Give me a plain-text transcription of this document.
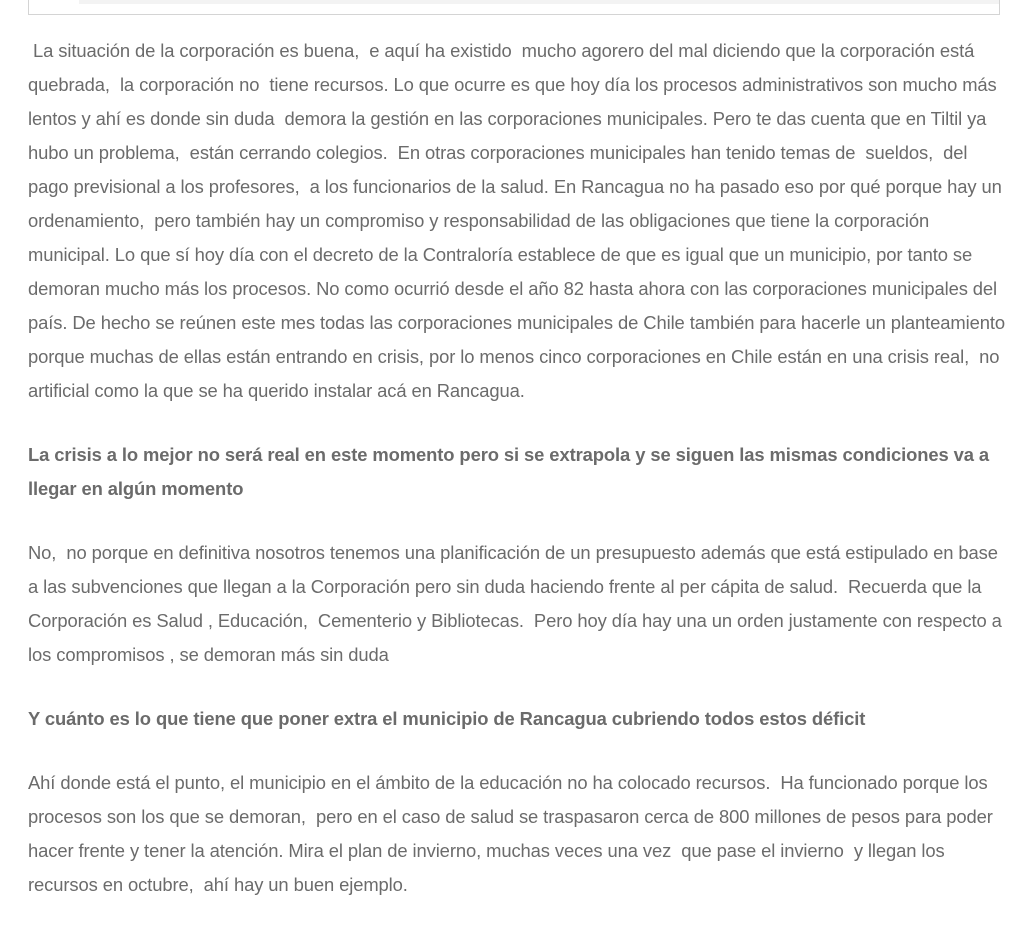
La situación de la corporación es buena,  e aquí ha existido  mucho agorero del mal diciendo que la corporación está quebrada,  la corporación no  tiene recursos. Lo que ocurre es que hoy día los procesos administrativos son mucho más lentos y ahí es donde sin duda  demora la gestión en las corporaciones municipales. Pero te das cuenta que en Tiltil ya hubo un problema,  están cerrando colegios.  En otras corporaciones municipales han tenido temas de  sueldos,  del pago previsional a los profesores,  a los funcionarios de la salud. En Rancagua no ha pasado eso por qué porque hay un ordenamiento,  pero también hay un compromiso y responsabilidad de las obligaciones que tiene la corporación municipal. Lo que sí hoy día con el decreto de la Contraloría establece de que es igual que un municipio, por tanto se demoran mucho más los procesos. No como ocurrió desde el año 82 hasta ahora con las corporaciones municipales del país. De hecho se reúnen este mes todas las corporaciones municipales de Chile también para hacerle un planteamiento porque muchas de ellas están entrando en crisis, por lo menos cinco corporaciones en Chile están en una crisis real,  no artificial como la que se ha querido instalar acá en Rancagua.

La crisis a lo mejor no será real en este momento pero si se extrapola y se siguen las mismas condiciones va a llegar en algún momento

No,  no porque en definitiva nosotros tenemos una planificación de un presupuesto además que está estipulado en base a las subvenciones que llegan a la Corporación pero sin duda haciendo frente al per cápita de salud.  Recuerda que la Corporación es Salud , Educación,  Cementerio y Bibliotecas.  Pero hoy día hay una un orden justamente con respecto a los compromisos , se demoran más sin duda

Y cuánto es lo que tiene que poner extra el municipio de Rancagua cubriendo todos estos déficit

Ahí donde está el punto, el municipio en el ámbito de la educación no ha colocado recursos.  Ha funcionado porque los procesos son los que se demoran,  pero en el caso de salud se traspasaron cerca de 800 millones de pesos para poder hacer frente y tener la atención. Mira el plan de invierno, muchas veces una vez  que pase el invierno  y llegan los recursos en octubre,  ahí hay un buen ejemplo.
